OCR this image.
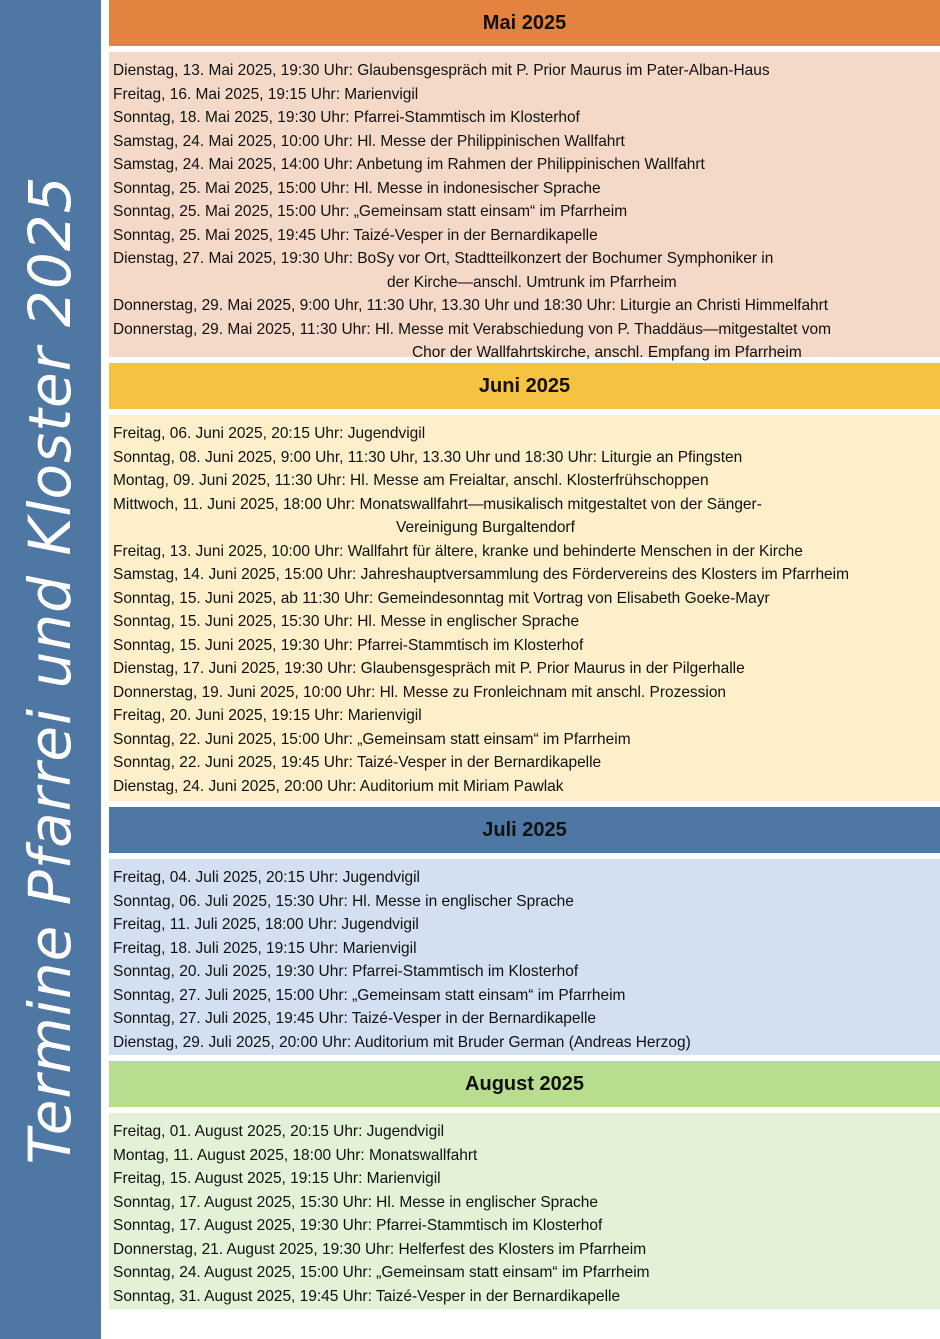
Termine Pfarrei und Kloster 2025
Mai 2025
Dienstag, 13. Mai 2025, 19:30 Uhr: Glaubensgespräch mit P. Prior Maurus im Pater-Alban-Haus
Freitag, 16. Mai 2025, 19:15 Uhr: Marienvigil
Sonntag, 18. Mai 2025, 19:30 Uhr: Pfarrei-Stammtisch im Klosterhof
Samstag, 24. Mai 2025, 10:00 Uhr: Hl. Messe der Philippinischen Wallfahrt
Samstag, 24. Mai 2025, 14:00 Uhr: Anbetung im Rahmen der Philippinischen Wallfahrt
Sonntag, 25. Mai 2025, 15:00 Uhr: Hl. Messe in indonesischer Sprache
Sonntag, 25. Mai 2025, 15:00 Uhr: „Gemeinsam statt einsam“ im Pfarrheim
Sonntag, 25. Mai 2025, 19:45 Uhr: Taizé-Vesper in der Bernardikapelle
Dienstag, 27. Mai 2025, 19:30 Uhr: BoSy vor Ort, Stadtteilkonzert der Bochumer Symphoniker in
der Kirche—anschl. Umtrunk im Pfarrheim
Donnerstag, 29. Mai 2025, 9:00 Uhr, 11:30 Uhr, 13.30 Uhr und 18:30 Uhr: Liturgie an Christi Himmelfahrt
Donnerstag, 29. Mai 2025, 11:30 Uhr: Hl. Messe mit Verabschiedung von P. Thaddäus—mitgestaltet vom
Chor der Wallfahrtskirche, anschl. Empfang im Pfarrheim
Juni 2025
Freitag, 06. Juni 2025, 20:15 Uhr: Jugendvigil
Sonntag, 08. Juni 2025, 9:00 Uhr, 11:30 Uhr, 13.30 Uhr und 18:30 Uhr: Liturgie an Pfingsten
Montag, 09. Juni 2025, 11:30 Uhr: Hl. Messe am Freialtar, anschl. Klosterfrühschoppen
Mittwoch, 11. Juni 2025, 18:00 Uhr: Monatswallfahrt—musikalisch mitgestaltet von der Sänger-
Vereinigung Burgaltendorf
Freitag, 13. Juni 2025, 10:00 Uhr: Wallfahrt für ältere, kranke und behinderte Menschen in der Kirche
Samstag, 14. Juni 2025, 15:00 Uhr: Jahreshauptversammlung des Fördervereins des Klosters im Pfarrheim
Sonntag, 15. Juni 2025, ab 11:30 Uhr: Gemeindesonntag mit Vortrag von Elisabeth Goeke-Mayr
Sonntag, 15. Juni 2025, 15:30 Uhr: Hl. Messe in englischer Sprache
Sonntag, 15. Juni 2025, 19:30 Uhr: Pfarrei-Stammtisch im Klosterhof
Dienstag, 17. Juni 2025, 19:30 Uhr: Glaubensgespräch mit P. Prior Maurus in der Pilgerhalle
Donnerstag, 19. Juni 2025, 10:00 Uhr: Hl. Messe zu Fronleichnam mit anschl. Prozession
Freitag, 20. Juni 2025, 19:15 Uhr: Marienvigil
Sonntag, 22. Juni 2025, 15:00 Uhr: „Gemeinsam statt einsam“ im Pfarrheim
Sonntag, 22. Juni 2025, 19:45 Uhr: Taizé-Vesper in der Bernardikapelle
Dienstag, 24. Juni 2025, 20:00 Uhr: Auditorium mit Miriam Pawlak
Juli 2025
Freitag, 04. Juli 2025, 20:15 Uhr: Jugendvigil
Sonntag, 06. Juli 2025, 15:30 Uhr: Hl. Messe in englischer Sprache
Freitag, 11. Juli 2025, 18:00 Uhr: Jugendvigil
Freitag, 18. Juli 2025, 19:15 Uhr: Marienvigil
Sonntag, 20. Juli 2025, 19:30 Uhr: Pfarrei-Stammtisch im Klosterhof
Sonntag, 27. Juli 2025, 15:00 Uhr: „Gemeinsam statt einsam“ im Pfarrheim
Sonntag, 27. Juli 2025, 19:45 Uhr: Taizé-Vesper in der Bernardikapelle
Dienstag, 29. Juli 2025, 20:00 Uhr: Auditorium mit Bruder German (Andreas Herzog)
August 2025
Freitag, 01. August 2025, 20:15 Uhr: Jugendvigil
Montag, 11. August 2025, 18:00 Uhr: Monatswallfahrt
Freitag, 15. August 2025, 19:15 Uhr: Marienvigil
Sonntag, 17. August 2025, 15:30 Uhr: Hl. Messe in englischer Sprache
Sonntag, 17. August 2025, 19:30 Uhr: Pfarrei-Stammtisch im Klosterhof
Donnerstag, 21. August 2025, 19:30 Uhr: Helferfest des Klosters im Pfarrheim
Sonntag, 24. August 2025, 15:00 Uhr: „Gemeinsam statt einsam“ im Pfarrheim
Sonntag, 31. August 2025, 19:45 Uhr: Taizé-Vesper in der Bernardikapelle
